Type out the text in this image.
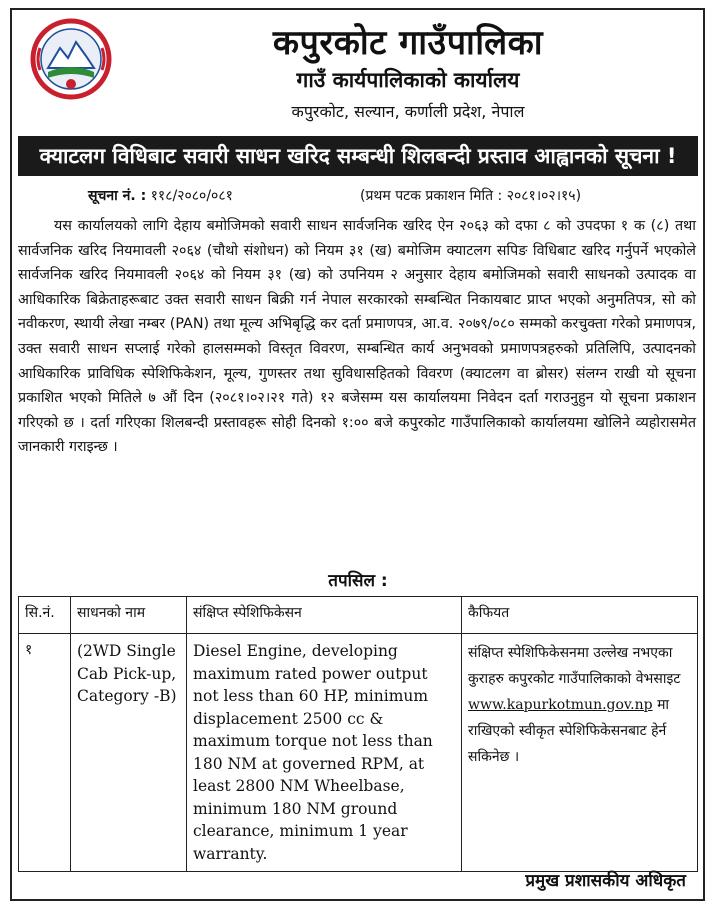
कपुरकोट गाउँपालिका
गाउँ कार्यपालिकाको कार्यालय
कपुरकोट, सल्यान, कर्णाली प्रदेश, नेपाल
क्याटलग विधिबाट सवारी साधन खरिद सम्बन्धी शिलबन्दी प्रस्ताव आह्वानको सूचना !
सूचना नं. : ११८/२०८०/०८१	(प्रथम पटक प्रकाशन मिति : २०८१।०२।१५)

यस कार्यालयको लागि देहाय बमोजिमको सवारी साधन सार्वजनिक खरिद ऐन २०६३ को दफा ८ को उपदफा १ क (८) तथा सार्वजनिक खरिद नियमावली २०६४ (चौथो संशोधन) को नियम ३१ (ख) बमोजिम क्याटलग सपिङ विधिबाट खरिद गर्नुपर्ने भएकोले सार्वजनिक खरिद नियमावली २०६४ को नियम ३१ (ख) को उपनियम २ अनुसार देहाय बमोजिमको सवारी साधनको उत्पादक वा आधिकारिक बिक्रेताहरूबाट उक्त सवारी साधन बिक्री गर्न नेपाल सरकारको सम्बन्धित निकायबाट प्राप्त भएको अनुमतिपत्र, सो को नवीकरण, स्थायी लेखा नम्बर (PAN) तथा मूल्य अभिबृद्धि कर दर्ता प्रमाणपत्र, आ.व. २०७९/०८० सम्मको करचुक्ता गरेको प्रमाणपत्र, उक्त सवारी साधन सप्लाई गरेको हालसम्मको विस्तृत विवरण, सम्बन्धित कार्य अनुभवको प्रमाणपत्रहरुको प्रतिलिपि, उत्पादनको आधिकारिक प्राविधिक स्पेशिफिकेशन, मूल्य, गुणस्तर तथा सुविधासहितको विवरण (क्याटलग वा ब्रोसर) संलग्न राखी यो सूचना प्रकाशित भएको मितिले ७ औं दिन (२०८१।०२।२१ गते) १२ बजेसम्म यस कार्यालयमा निवेदन दर्ता गराउनुहुन यो सूचना प्रकाशन गरिएको छ । दर्ता गरिएका शिलबन्दी प्रस्तावहरू सोही दिनको १:०० बजे कपुरकोट गाउँपालिकाको कार्यालयमा खोलिने व्यहोरासमेत जानकारी गराइन्छ ।

तपसिल :
सि.नं.	साधनको नाम	संक्षिप्त स्पेशिफिकेसन	कैफियत
१	(2WD Single Cab Pick-up, Category -B)	Diesel Engine, developing maximum rated power output not less than 60 HP, minimum displacement 2500 cc & maximum torque not less than 180 NM at governed RPM, at least 2800 NM Wheelbase, minimum 180 NM ground clearance, minimum 1 year warranty.	संक्षिप्त स्पेशिफिकेसनमा उल्लेख नभएका कुराहरु कपुरकोट गाउँपालिकाको वेभसाइट www.kapurkotmun.gov.np मा राखिएको स्वीकृत स्पेशिफिकेसनबाट हेर्न सकिनेछ ।
प्रमुख प्रशासकीय अधिकृत
